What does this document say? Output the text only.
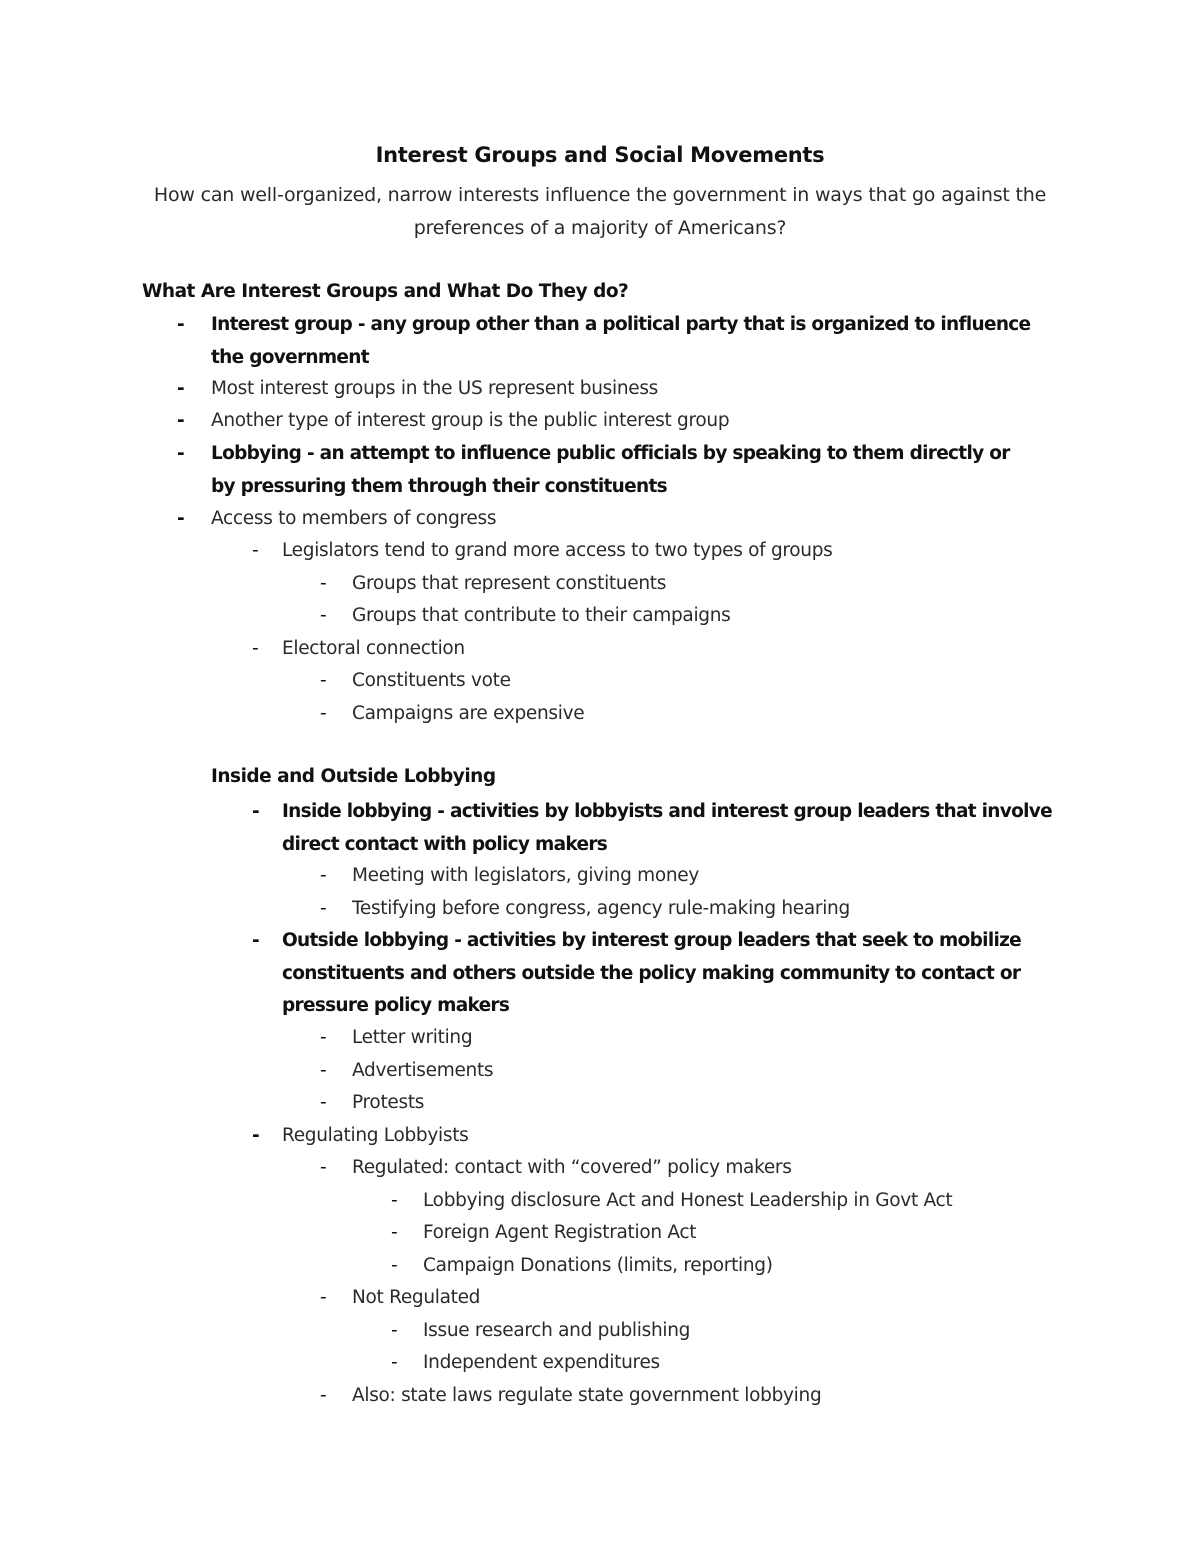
Interest Groups and Social Movements
How can well-organized, narrow interests influence the government in ways that go against the preferences of a majority of Americans?
What Are Interest Groups and What Do They do?
- Interest group - any group other than a political party that is organized to influence the government
- Most interest groups in the US represent business
- Another type of interest group is the public interest group
- Lobbying - an attempt to influence public officials by speaking to them directly or by pressuring them through their constituents
- Access to members of congress
- Legislators tend to grand more access to two types of groups
- Groups that represent constituents
- Groups that contribute to their campaigns
- Electoral connection
- Constituents vote
- Campaigns are expensive
Inside and Outside Lobbying
- Inside lobbying - activities by lobbyists and interest group leaders that involve direct contact with policy makers
- Meeting with legislators, giving money
- Testifying before congress, agency rule-making hearing
- Outside lobbying - activities by interest group leaders that seek to mobilize constituents and others outside the policy making community to contact or pressure policy makers
- Letter writing
- Advertisements
- Protests
- Regulating Lobbyists
- Regulated: contact with “covered” policy makers
- Lobbying disclosure Act and Honest Leadership in Govt Act
- Foreign Agent Registration Act
- Campaign Donations (limits, reporting)
- Not Regulated
- Issue research and publishing
- Independent expenditures
- Also: state laws regulate state government lobbying
